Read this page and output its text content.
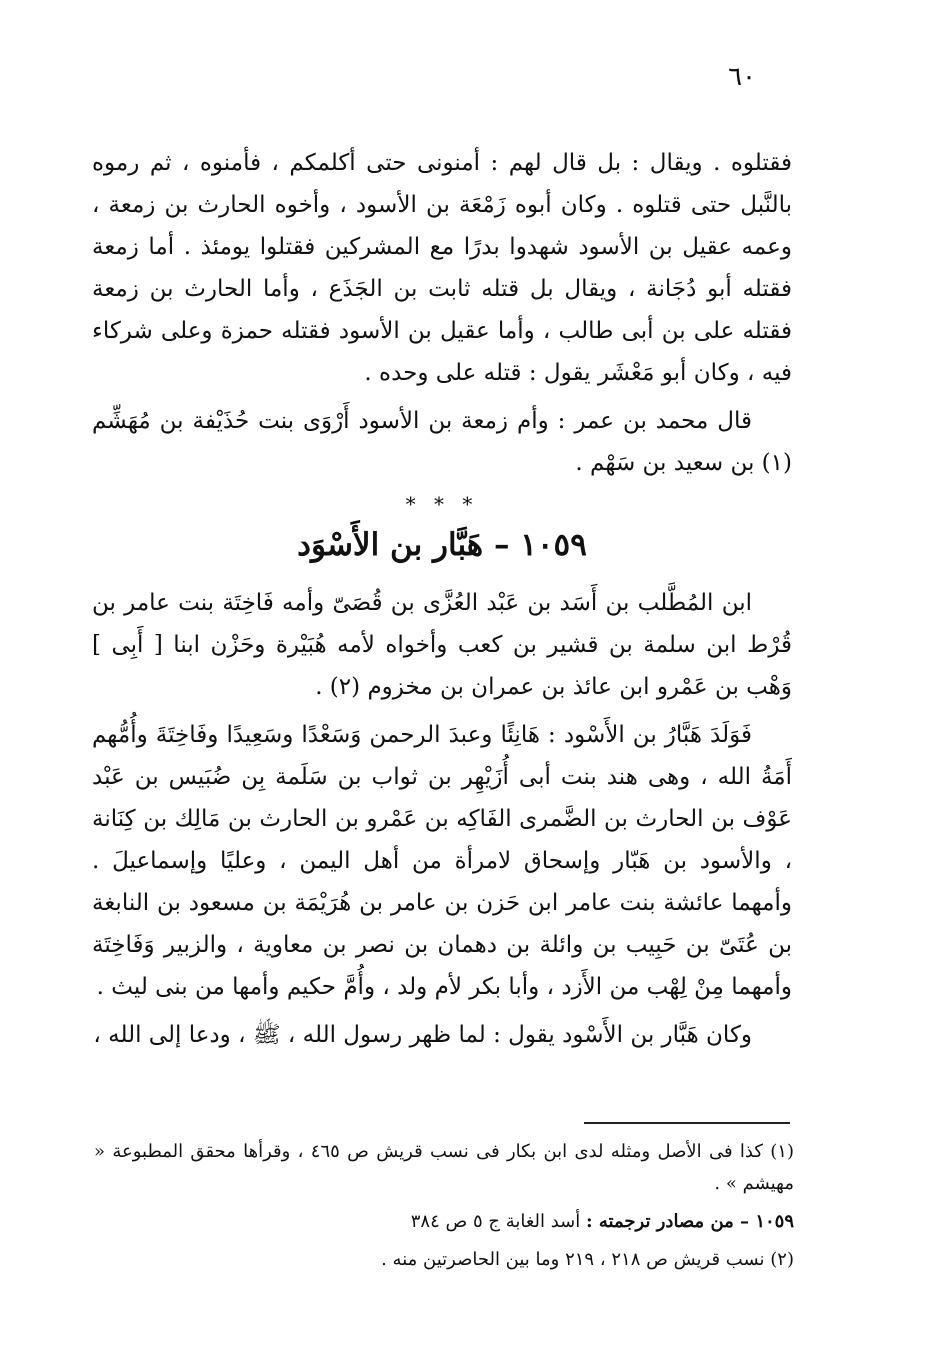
٦٠

فقتلوه . ويقال : بل قال لهم : أمنونى حتى أكلمكم ، فأمنوه ، ثم رموه بالنَّبل حتى قتلوه . وكان أبوه زَمْعَة بن الأسود ، وأخوه الحارث بن زمعة ، وعمه عقيل بن الأسود شهدوا بدرًا مع المشركين فقتلوا يومئذ . أما زمعة فقتله أبو دُجَانة ، ويقال بل قتله ثابت بن الجَذَع ، وأما الحارث بن زمعة فقتله على بن أبى طالب ، وأما عقيل بن الأسود فقتله حمزة وعلى شركاء فيه ، وكان أبو مَعْشَر يقول : قتله على وحده .

قال محمد بن عمر : وأم زمعة بن الأسود أَرْوَى بنت حُذَيْفة بن مُهَشِّم (١) بن سعيد بن سَهْم .

* * *
١٠٥٩ – هَبَّار بن الأَسْوَد

ابن المُطَّلب بن أَسَد بن عَبْد العُزَّى بن قُصَىّ وأمه فَاخِتَة بنت عامر بن قُرْط ابن سلمة بن قشير بن كعب وأخواه لأمه هُبَيْرة وحَزْن ابنا [ أَبِى ] وَهْب بن عَمْرو ابن عائذ بن عمران بن مخزوم (٢) .

فَوَلَدَ هَبَّارُ بن الأَسْود : هَانِئًا وعبدَ الرحمن وَسَعْدًا وسَعِيدًا وفَاخِتَةَ وأُمُّهم أَمَةُ الله ، وهى هند بنت أبى أُزَيْهِر بن ثواب بن سَلَمة بِن ضُبَيس بن عَبْد عَوْف بن الحارث بن الضَّمرى الفَاكِه بن عَمْرو بن الحارث بن مَالِك بن كِنَانة ، والأسود بن هَبّار وإسحاق لامرأة من أهل اليمن ، وعليًا وإسماعيلَ . وأمهما عائشة بنت عامر ابن حَزن بن عامر بن هُرَيْمَة بن مسعود بن النابغة بن عُتَىّ بن حَبِيب بن وائلة بن دهمان بن نصر بن معاوية ، والزبير وَفَاخِتَة وأمهما مِنْ لِهْب من الأَزد ، وأبا بكر لأم ولد ، وأُمَّ حكيم وأمها من بنى ليث .

وكان هَبَّار بن الأَسْود يقول : لما ظهر رسول الله ، ﷺ ، ودعا إلى الله ،

(١) كذا فى الأصل ومثله لدى ابن بكار فى نسب قريش ص ٤٦٥ ، وقرأها محقق المطبوعة « مهيشم » .

١٠٥٩ – من مصادر ترجمته : أسد الغابة ج ٥ ص ٣٨٤

(٢) نسب قريش ص ٢١٨ ، ٢١٩ وما بين الحاصرتين منه .
